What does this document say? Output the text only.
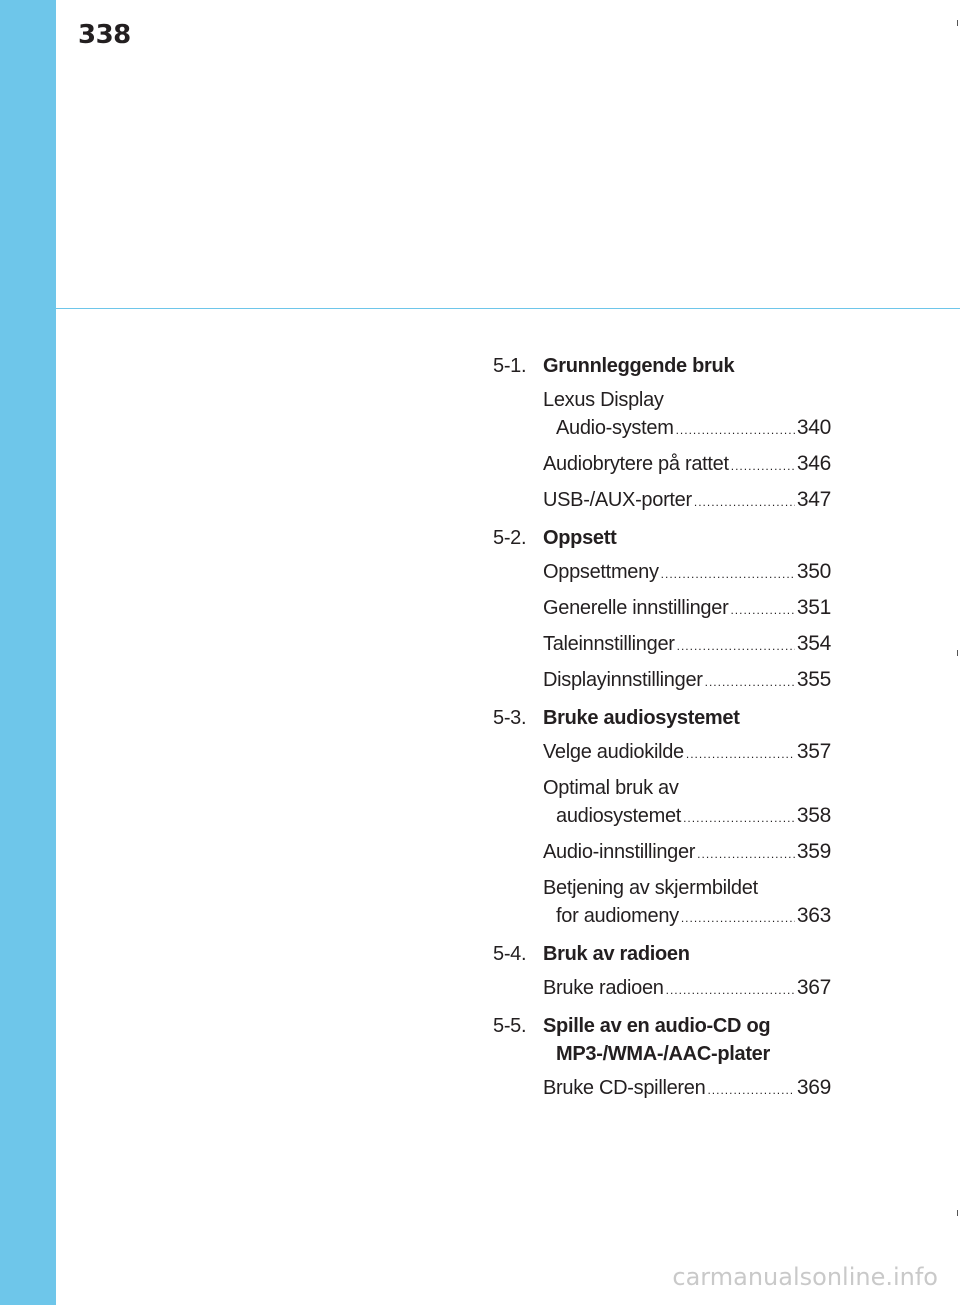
338
5-1. Grunnleggende bruk
Lexus Display
Audio-system .....	340
Audiobrytere på rattet .....	346
USB-/AUX-porter .....	347
5-2. Oppsett
Oppsettmeny .....	350
Generelle innstillinger .....	351
Taleinnstillinger .....	354
Displayinnstillinger .....	355
5-3. Bruke audiosystemet
Velge audiokilde .....	357
Optimal bruk av
audiosystemet .....	358
Audio-innstillinger .....	359
Betjening av skjermbildet
for audiomeny .....	363
5-4. Bruk av radioen
Bruke radioen .....	367
5-5. Spille av en audio-CD og
MP3-/WMA-/AAC-plater
Bruke CD-spilleren .....	369
carmanualsonline.info
